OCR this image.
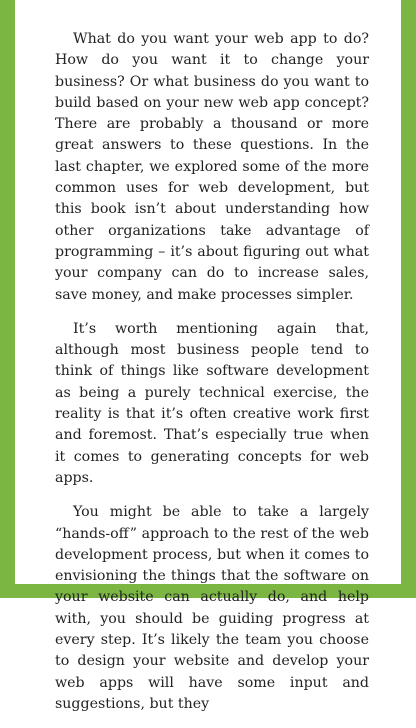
What do you want your web app to do? How do you want it to change your business? Or what business do you want to build based on your new web app concept? There are probably a thousand or more great answers to these questions. In the last chapter, we explored some of the more common uses for web development, but this book isn’t about understanding how other organizations take advantage of programming – it’s about figuring out what your company can do to increase sales, save money, and make processes simpler.

It’s worth mentioning again that, although most business people tend to think of things like software development as being a purely technical exercise, the reality is that it’s often creative work first and foremost. That’s especially true when it comes to generating concepts for web apps.

You might be able to take a largely “hands-off” approach to the rest of the web development process, but when it comes to envisioning the things that the software on your website can actually do, and help with, you should be guiding progress at every step. It’s likely the team you choose to design your website and develop your web apps will have some input and suggestions, but they
